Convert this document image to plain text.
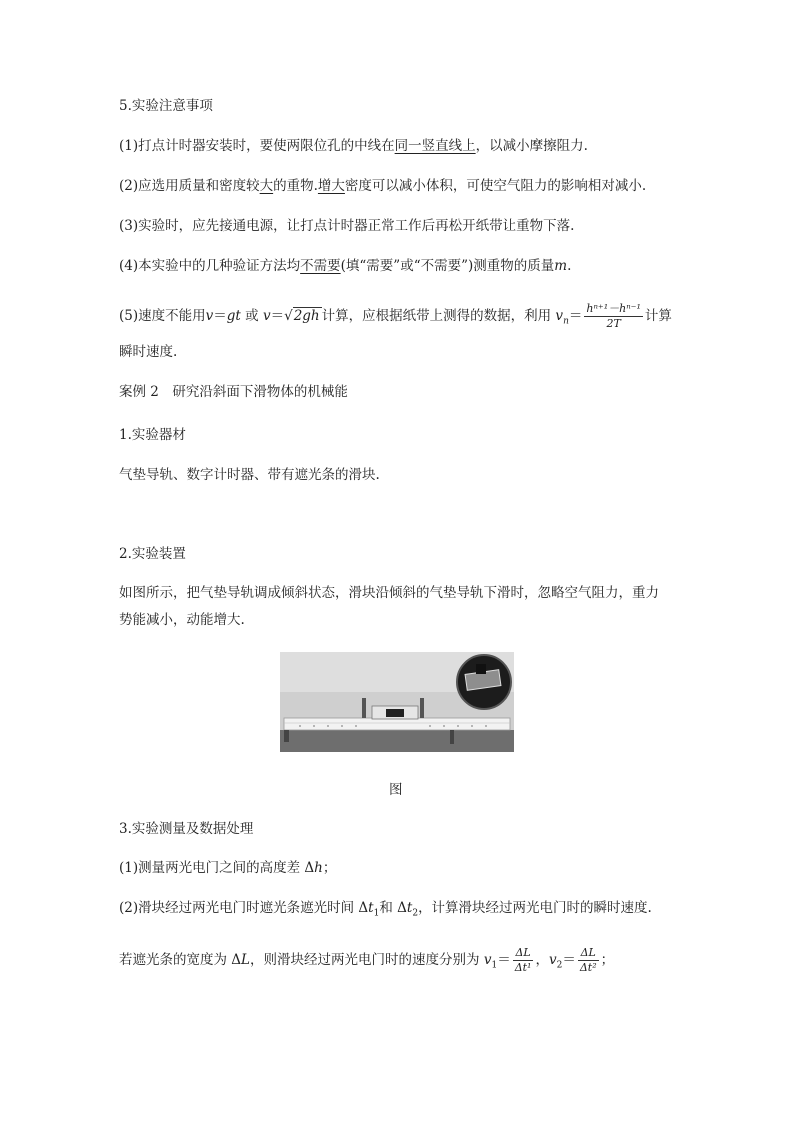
5.实验注意事项
(1)打点计时器安装时，要使两限位孔的中线在同一竖直线上，以减小摩擦阻力.
(2)应选用质量和密度较大的重物.增大密度可以减小体积，可使空气阻力的影响相对减小.
(3)实验时，应先接通电源，让打点计时器正常工作后再松开纸带让重物下落.
(4)本实验中的几种验证方法均不需要(填“需要”或“不需要”)测重物的质量m.
(5)速度不能用v＝gt 或 v＝√2gh 计算，应根据纸带上测得的数据，利用 $v_n= \frac{\text{hⁿ⁺¹－hⁿ⁻¹}}{2T}$ 计算
瞬时速度.
案例 2　研究沿斜面下滑物体的机械能
1.实验器材
气垫导轨、数字计时器、带有遮光条的滑块.
2.实验装置
如图所示，把气垫导轨调成倾斜状态，滑块沿倾斜的气垫导轨下滑时，忽略空气阻力，重力
势能减小，动能增大.
图
3.实验测量及数据处理
(1)测量两光电门之间的高度差 Δh；
(2)滑块经过两光电门时遮光条遮光时间 $\Delta t_1$和 $\Delta t_2$，计算滑块经过两光电门时的瞬时速度.
若遮光条的宽度为 ΔL，则滑块经过两光电门时的速度分别为 $v_1= \frac{\Delta L}{\text{Δt¹}}$ ，$v_2= \frac{\Delta L}{\text{Δt²}}$ ；
